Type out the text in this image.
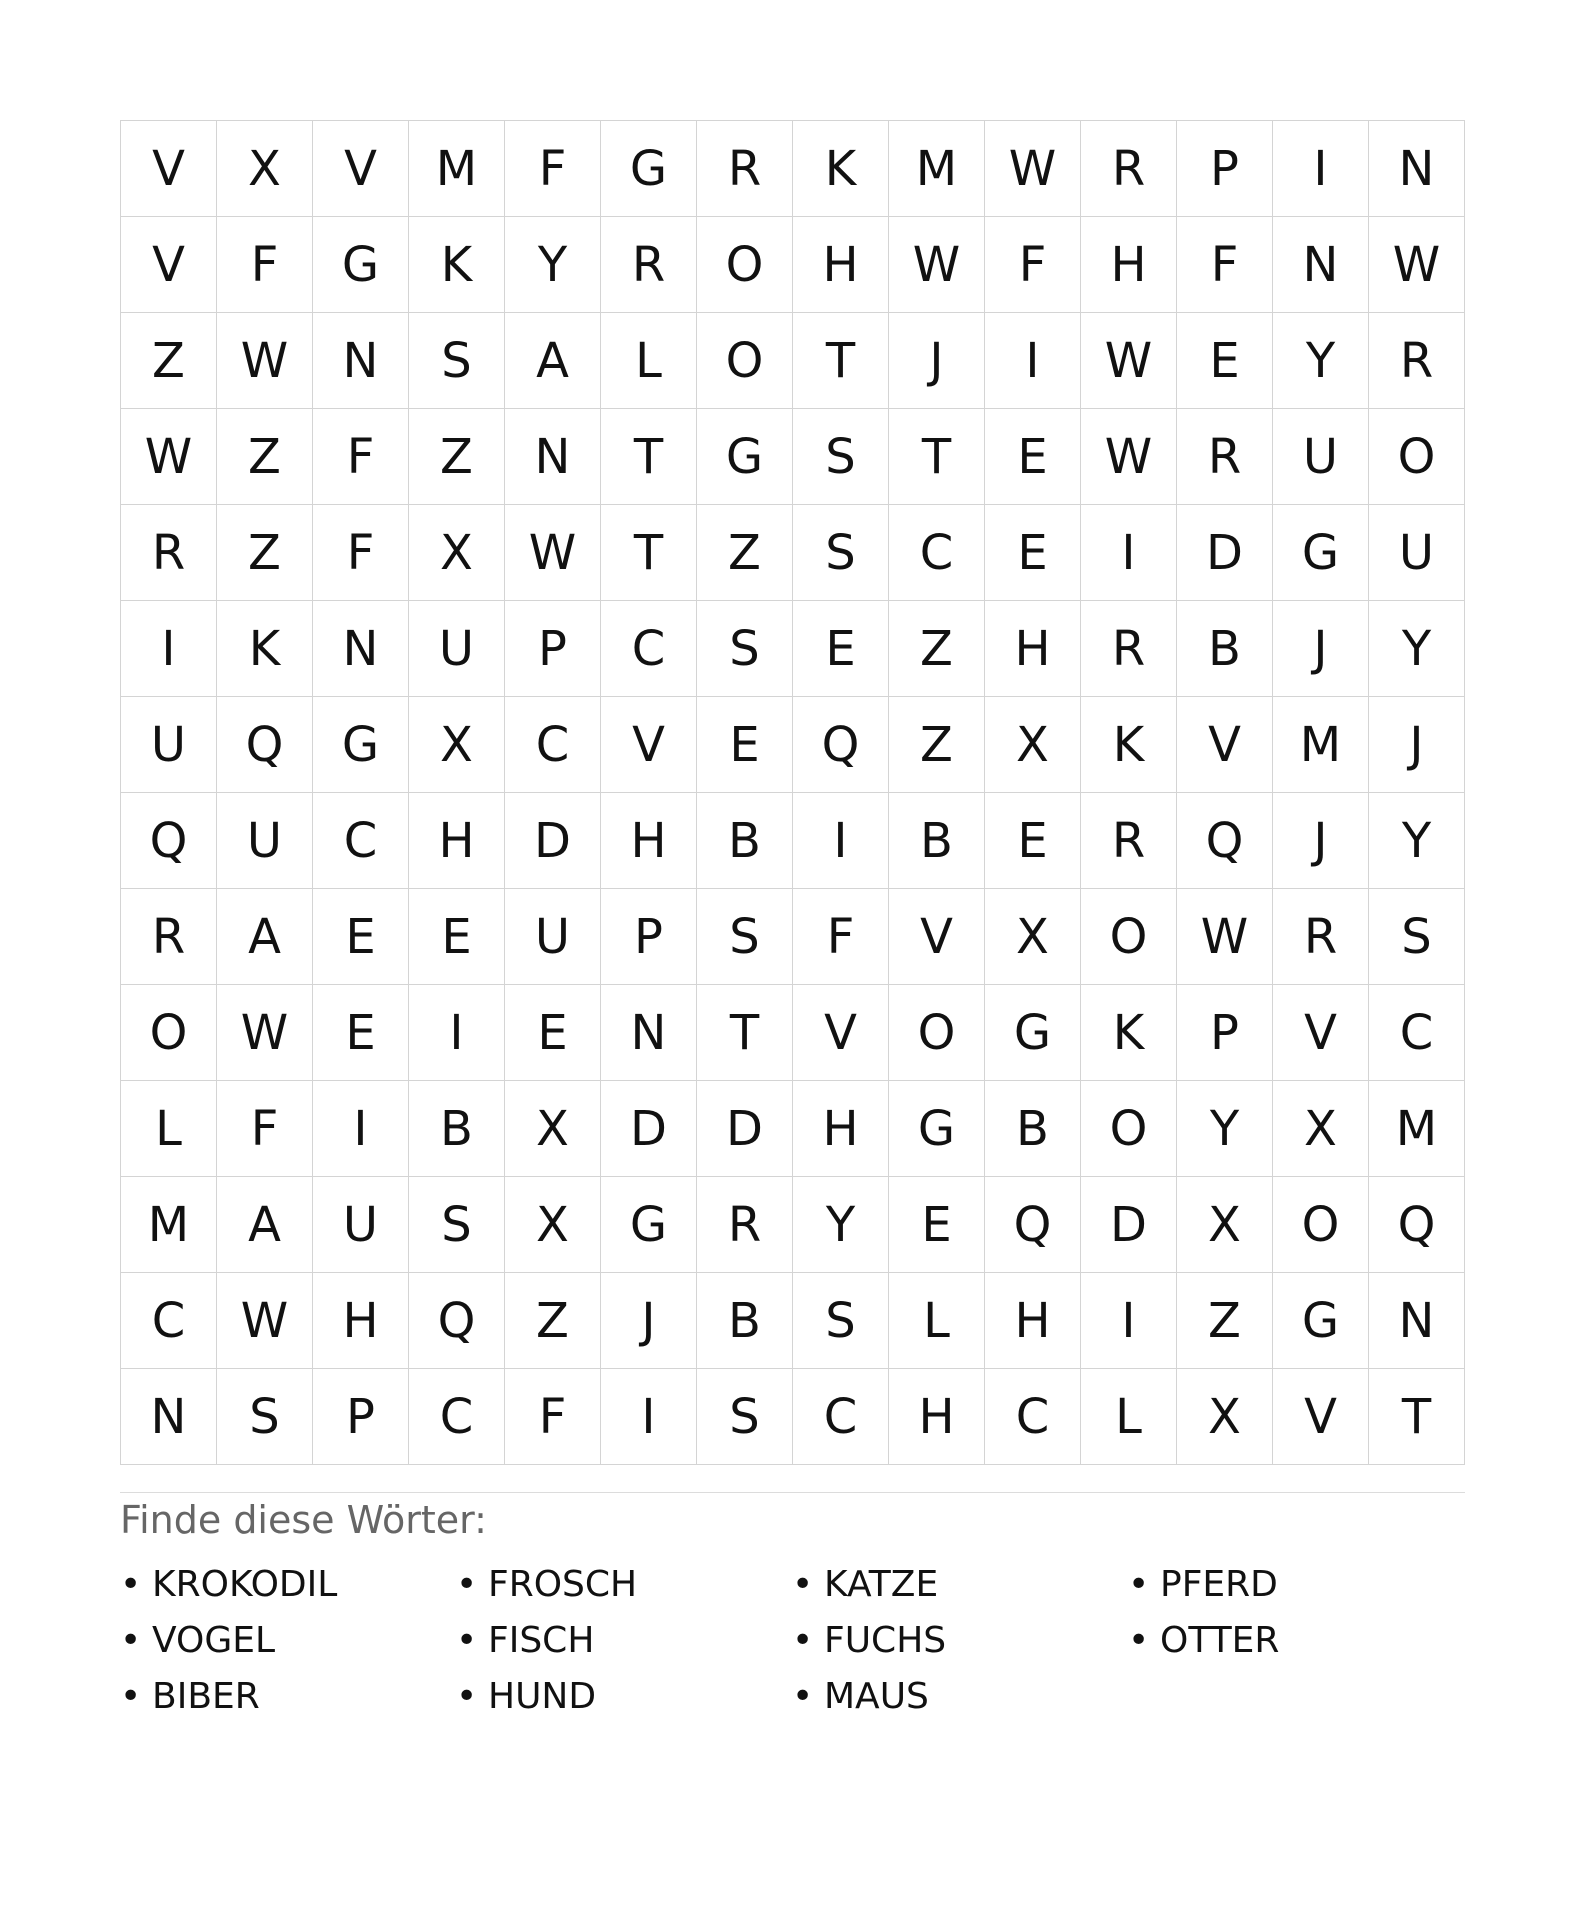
V	X	V	M	F	G	R	K	M	W	R	P	I	N
V	F	G	K	Y	R	O	H	W	F	H	F	N	W
Z	W	N	S	A	L	O	T	J	I	W	E	Y	R
W	Z	F	Z	N	T	G	S	T	E	W	R	U	O
R	Z	F	X	W	T	Z	S	C	E	I	D	G	U
I	K	N	U	P	C	S	E	Z	H	R	B	J	Y
U	Q	G	X	C	V	E	Q	Z	X	K	V	M	J
Q	U	C	H	D	H	B	I	B	E	R	Q	J	Y
R	A	E	E	U	P	S	F	V	X	O	W	R	S
O	W	E	I	E	N	T	V	O	G	K	P	V	C
L	F	I	B	X	D	D	H	G	B	O	Y	X	M
M	A	U	S	X	G	R	Y	E	Q	D	X	O	Q
C	W	H	Q	Z	J	B	S	L	H	I	Z	G	N
N	S	P	C	F	I	S	C	H	C	L	X	V	T
Finde diese Wörter:
• KROKODIL	• FROSCH	• KATZE	• PFERD
• VOGEL	• FISCH	• FUCHS	• OTTER
• BIBER	• HUND	• MAUS
